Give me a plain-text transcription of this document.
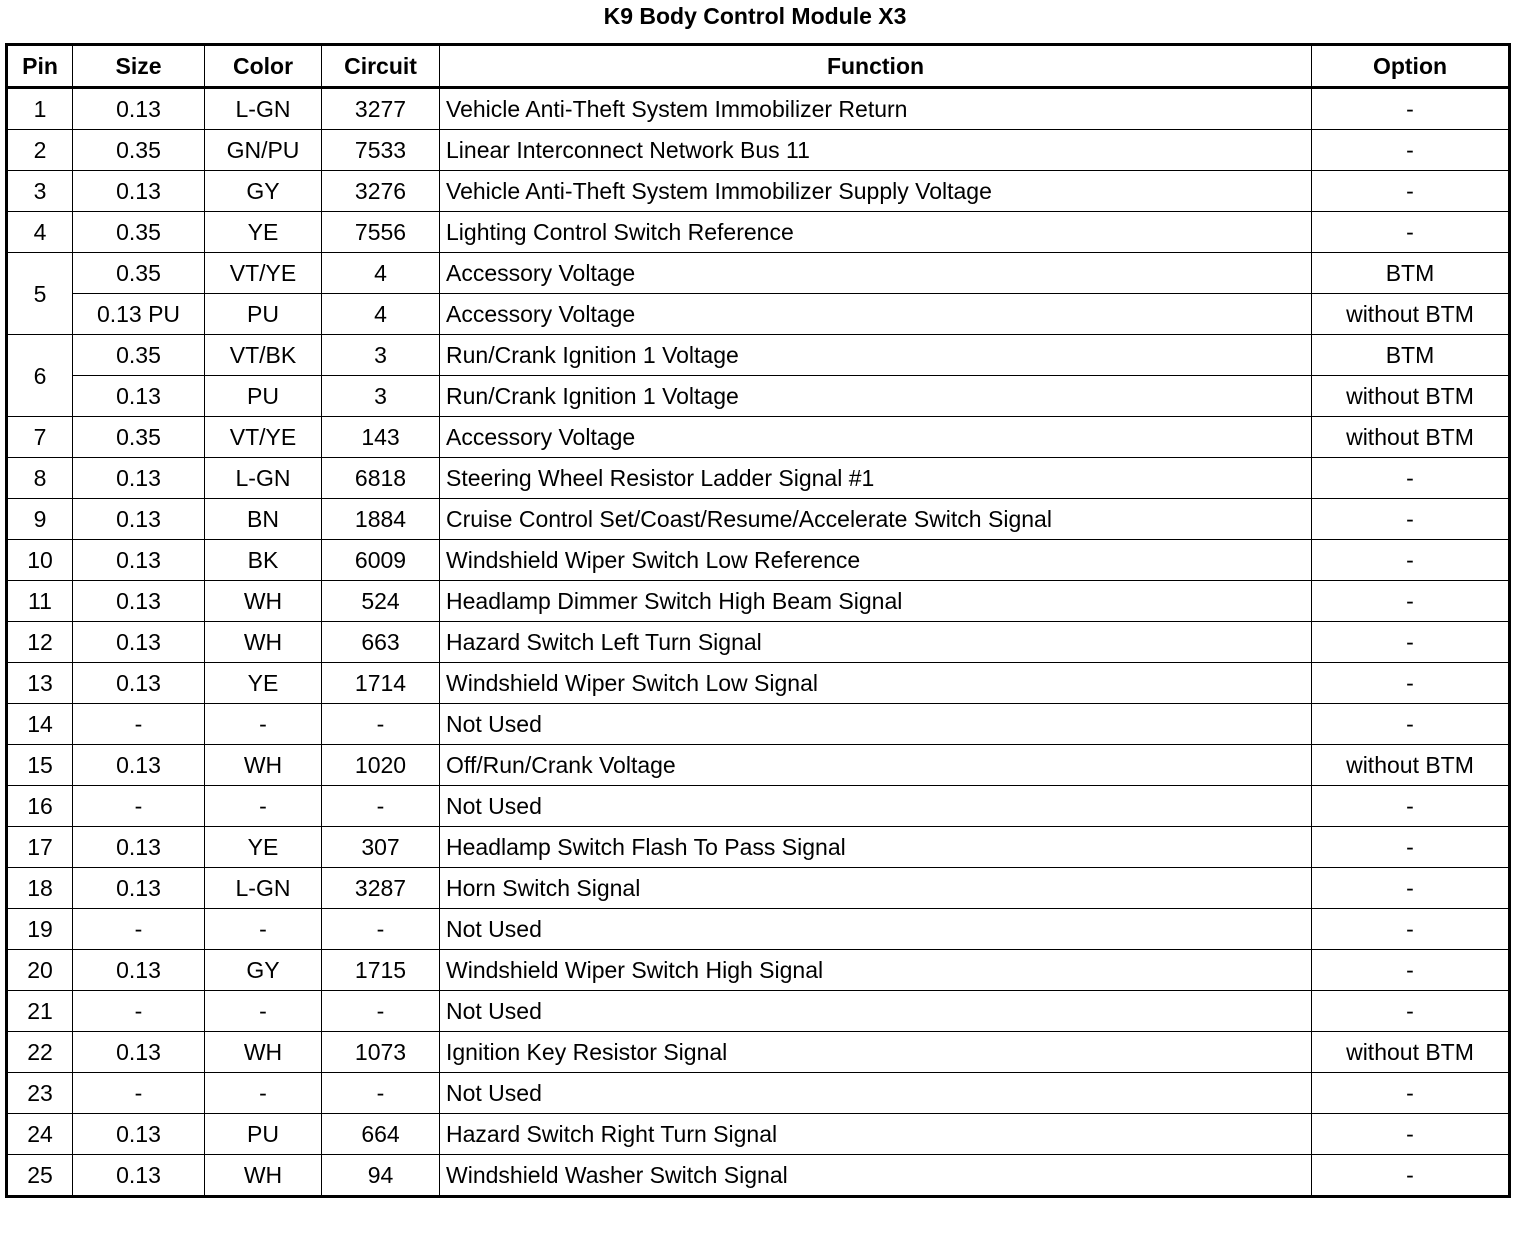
K9 Body Control Module X3
Pin	Size	Color	Circuit	Function	Option
1	0.13	L-GN	3277	Vehicle Anti-Theft System Immobilizer Return	-
2	0.35	GN/PU	7533	Linear Interconnect Network Bus 11	-
3	0.13	GY	3276	Vehicle Anti-Theft System Immobilizer Supply Voltage	-
4	0.35	YE	7556	Lighting Control Switch Reference	-
5	0.35	VT/YE	4	Accessory Voltage	BTM
	0.13 PU	PU	4	Accessory Voltage	without BTM
6	0.35	VT/BK	3	Run/Crank Ignition 1 Voltage	BTM
	0.13	PU	3	Run/Crank Ignition 1 Voltage	without BTM
7	0.35	VT/YE	143	Accessory Voltage	without BTM
8	0.13	L-GN	6818	Steering Wheel Resistor Ladder Signal #1	-
9	0.13	BN	1884	Cruise Control Set/Coast/Resume/Accelerate Switch Signal	-
10	0.13	BK	6009	Windshield Wiper Switch Low Reference	-
11	0.13	WH	524	Headlamp Dimmer Switch High Beam Signal	-
12	0.13	WH	663	Hazard Switch Left Turn Signal	-
13	0.13	YE	1714	Windshield Wiper Switch Low Signal	-
14	-	-	-	Not Used	-
15	0.13	WH	1020	Off/Run/Crank Voltage	without BTM
16	-	-	-	Not Used	-
17	0.13	YE	307	Headlamp Switch Flash To Pass Signal	-
18	0.13	L-GN	3287	Horn Switch Signal	-
19	-	-	-	Not Used	-
20	0.13	GY	1715	Windshield Wiper Switch High Signal	-
21	-	-	-	Not Used	-
22	0.13	WH	1073	Ignition Key Resistor Signal	without BTM
23	-	-	-	Not Used	-
24	0.13	PU	664	Hazard Switch Right Turn Signal	-
25	0.13	WH	94	Windshield Washer Switch Signal	-
